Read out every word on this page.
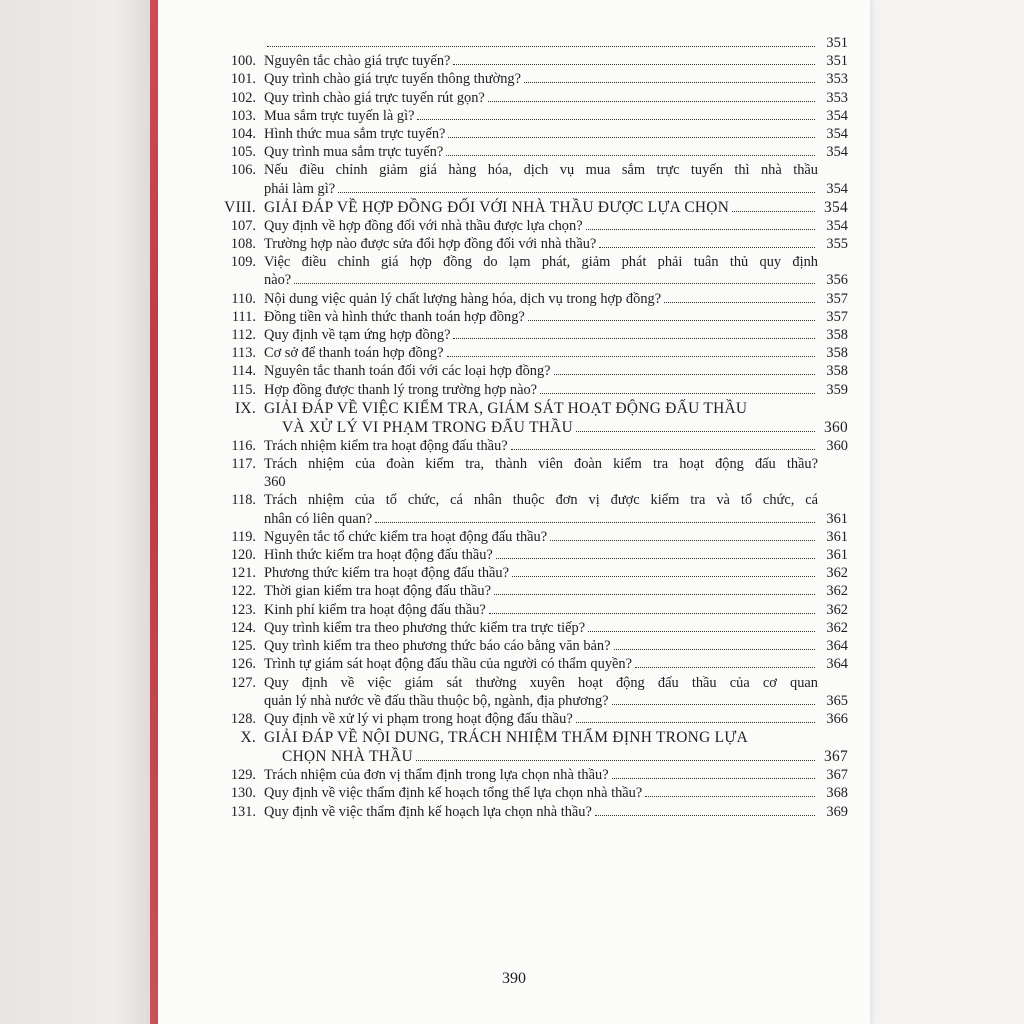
351
100. Nguyên tắc chào giá trực tuyến?	351
101. Quy trình chào giá trực tuyến thông thường?	353
102. Quy trình chào giá trực tuyến rút gọn?	353
103. Mua sắm trực tuyến là gì?	354
104. Hình thức mua sắm trực tuyến?	354
105. Quy trình mua sắm trực tuyến?	354
106. Nếu điều chỉnh giảm giá hàng hóa, dịch vụ mua sắm trực tuyến thì nhà thầu
phải làm gì?	354
VIII. GIẢI ĐÁP VỀ HỢP ĐỒNG ĐỐI VỚI NHÀ THẦU ĐƯỢC LỰA CHỌN	354
107. Quy định về hợp đồng đối với nhà thầu được lựa chọn?	354
108. Trường hợp nào được sửa đổi hợp đồng đối với nhà thầu?	355
109. Việc điều chỉnh giá hợp đồng do lạm phát, giảm phát phải tuân thủ quy định
nào?	356
110. Nội dung việc quản lý chất lượng hàng hóa, dịch vụ trong hợp đồng?	357
111. Đồng tiền và hình thức thanh toán hợp đồng?	357
112. Quy định về tạm ứng hợp đồng?	358
113. Cơ sở để thanh toán hợp đồng?	358
114. Nguyên tắc thanh toán đối với các loại hợp đồng?	358
115. Hợp đồng được thanh lý trong trường hợp nào?	359
IX. GIẢI ĐÁP VỀ VIỆC KIỂM TRA, GIÁM SÁT HOẠT ĐỘNG ĐẤU THẦU
VÀ XỬ LÝ VI PHẠM TRONG ĐẤU THẦU	360
116. Trách nhiệm kiểm tra hoạt động đấu thầu?	360
117. Trách nhiệm của đoàn kiểm tra, thành viên đoàn kiểm tra hoạt động đấu thầu?
360
118. Trách nhiệm của tổ chức, cá nhân thuộc đơn vị được kiểm tra và tổ chức, cá
nhân có liên quan?	361
119. Nguyên tắc tổ chức kiểm tra hoạt động đấu thầu?	361
120. Hình thức kiểm tra hoạt động đấu thầu?	361
121. Phương thức kiểm tra hoạt động đấu thầu?	362
122. Thời gian kiểm tra hoạt động đấu thầu?	362
123. Kinh phí kiểm tra hoạt động đấu thầu?	362
124. Quy trình kiểm tra theo phương thức kiểm tra trực tiếp?	362
125. Quy trình kiểm tra theo phương thức báo cáo bằng văn bản?	364
126. Trình tự giám sát hoạt động đấu thầu của người có thẩm quyền?	364
127. Quy định về việc giám sát thường xuyên hoạt động đấu thầu của cơ quan
quản lý nhà nước về đấu thầu thuộc bộ, ngành, địa phương?	365
128. Quy định về xử lý vi phạm trong hoạt động đấu thầu?	366
X. GIẢI ĐÁP VỀ NỘI DUNG, TRÁCH NHIỆM THẨM ĐỊNH TRONG LỰA
CHỌN NHÀ THẦU	367
129. Trách nhiệm của đơn vị thẩm định trong lựa chọn nhà thầu?	367
130. Quy định về việc thẩm định kế hoạch tổng thể lựa chọn nhà thầu?	368
131. Quy định về việc thẩm định kế hoạch lựa chọn nhà thầu?	369
390
